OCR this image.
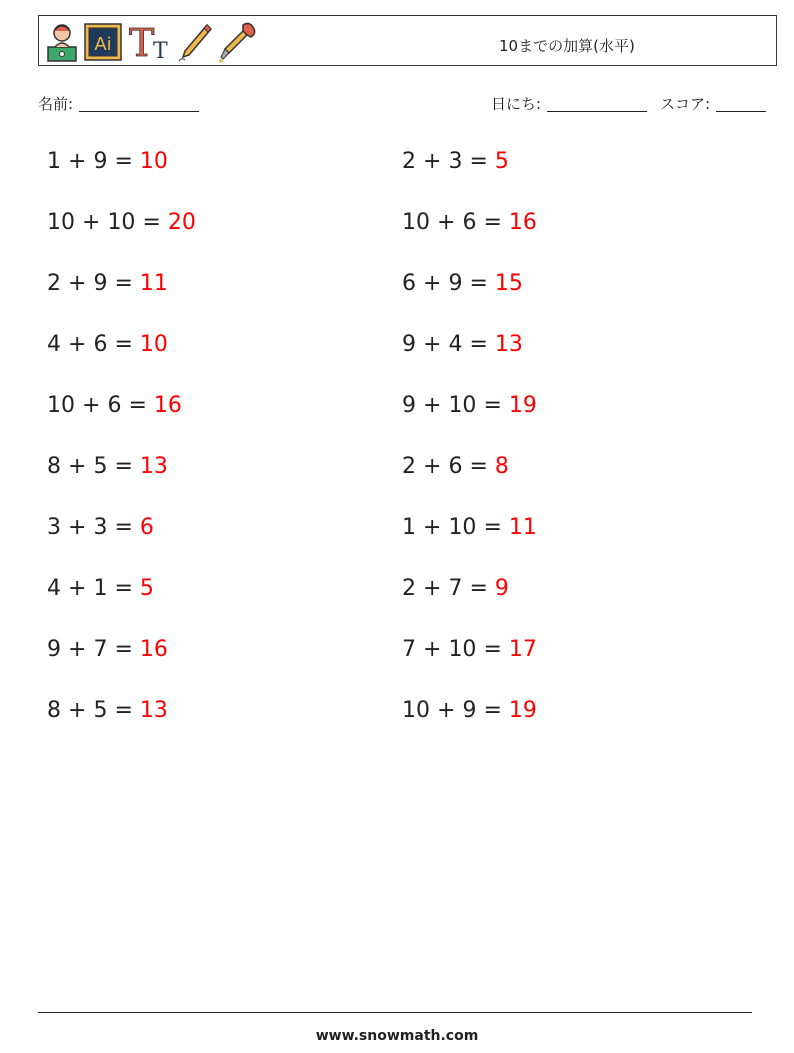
Ai T
T	10までの加算(水平)
名前:	日にち:	スコア:
1 + 9 = 10	2 + 3 = 5
10 + 10 = 20	10 + 6 = 16
2 + 9 = 11	6 + 9 = 15
4 + 6 = 10	9 + 4 = 13
10 + 6 = 16	9 + 10 = 19
8 + 5 = 13	2 + 6 = 8
3 + 3 = 6	1 + 10 = 11
4 + 1 = 5	2 + 7 = 9
9 + 7 = 16	7 + 10 = 17
8 + 5 = 13	10 + 9 = 19
www.snowmath.com
